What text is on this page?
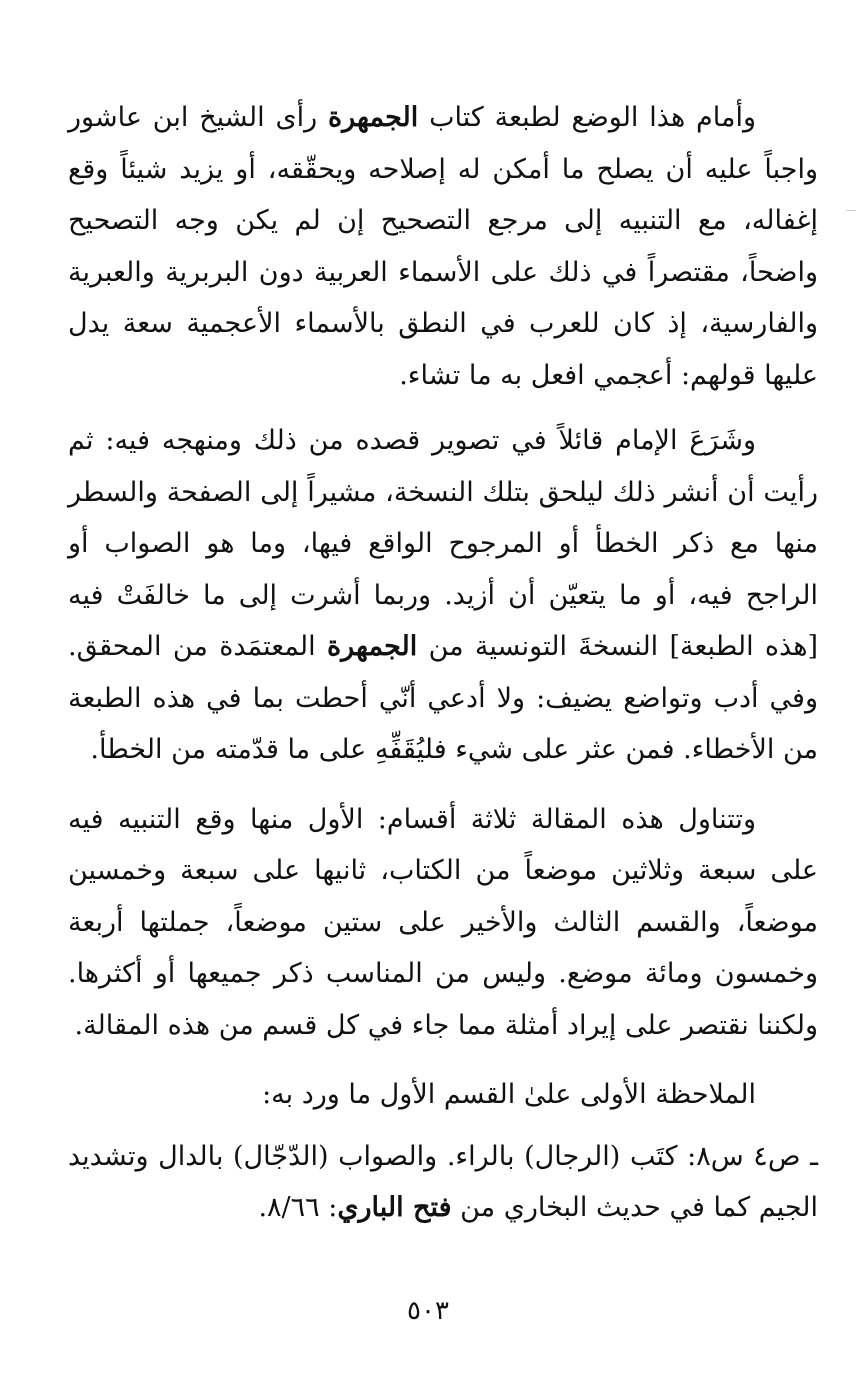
وأمام هذا الوضع لطبعة كتاب الجمهرة رأى الشيخ ابن عاشور واجباً عليه أن يصلح ما أمكن له إصلاحه ويحقّقه، أو يزيد شيئاً وقع إغفاله، مع التنبيه إلى مرجع التصحيح إن لم يكن وجه التصحيح واضحاً، مقتصراً في ذلك على الأسماء العربية دون البربرية والعبرية والفارسية، إذ كان للعرب في النطق بالأسماء الأعجمية سعة يدل عليها قولهم: أعجمي افعل به ما تشاء.

وشَرَعَ الإمام قائلاً في تصوير قصده من ذلك ومنهجه فيه: ثم رأيت أن أنشر ذلك ليلحق بتلك النسخة، مشيراً إلى الصفحة والسطر منها مع ذكر الخطأ أو المرجوح الواقع فيها، وما هو الصواب أو الراجح فيه، أو ما يتعيّن أن أزيد. وربما أشرت إلى ما خالفَتْ فيه [هذه الطبعة] النسخةَ التونسية من الجمهرة المعتمَدة من المحقق. وفي أدب وتواضع يضيف: ولا أدعي أنّي أحطت بما في هذه الطبعة من الأخطاء. فمن عثر على شيء فليُقَفِّهِ على ما قدّمته من الخطأ.

وتتناول هذه المقالة ثلاثة أقسام: الأول منها وقع التنبيه فيه على سبعة وثلاثين موضعاً من الكتاب، ثانيها على سبعة وخمسين موضعاً، والقسم الثالث والأخير على ستين موضعاً، جملتها أربعة وخمسون ومائة موضع. وليس من المناسب ذكر جميعها أو أكثرها. ولكننا نقتصر على إيراد أمثلة مما جاء في كل قسم من هذه المقالة.

الملاحظة الأولى علىٰ القسم الأول ما ورد به:

ـ ص٤ س٨: كتَب (الرجال) بالراء. والصواب (الدّجّال) بالدال وتشديد الجيم كما في حديث البخاري من فتح الباري: ٨/٦٦.

٥٠٣
